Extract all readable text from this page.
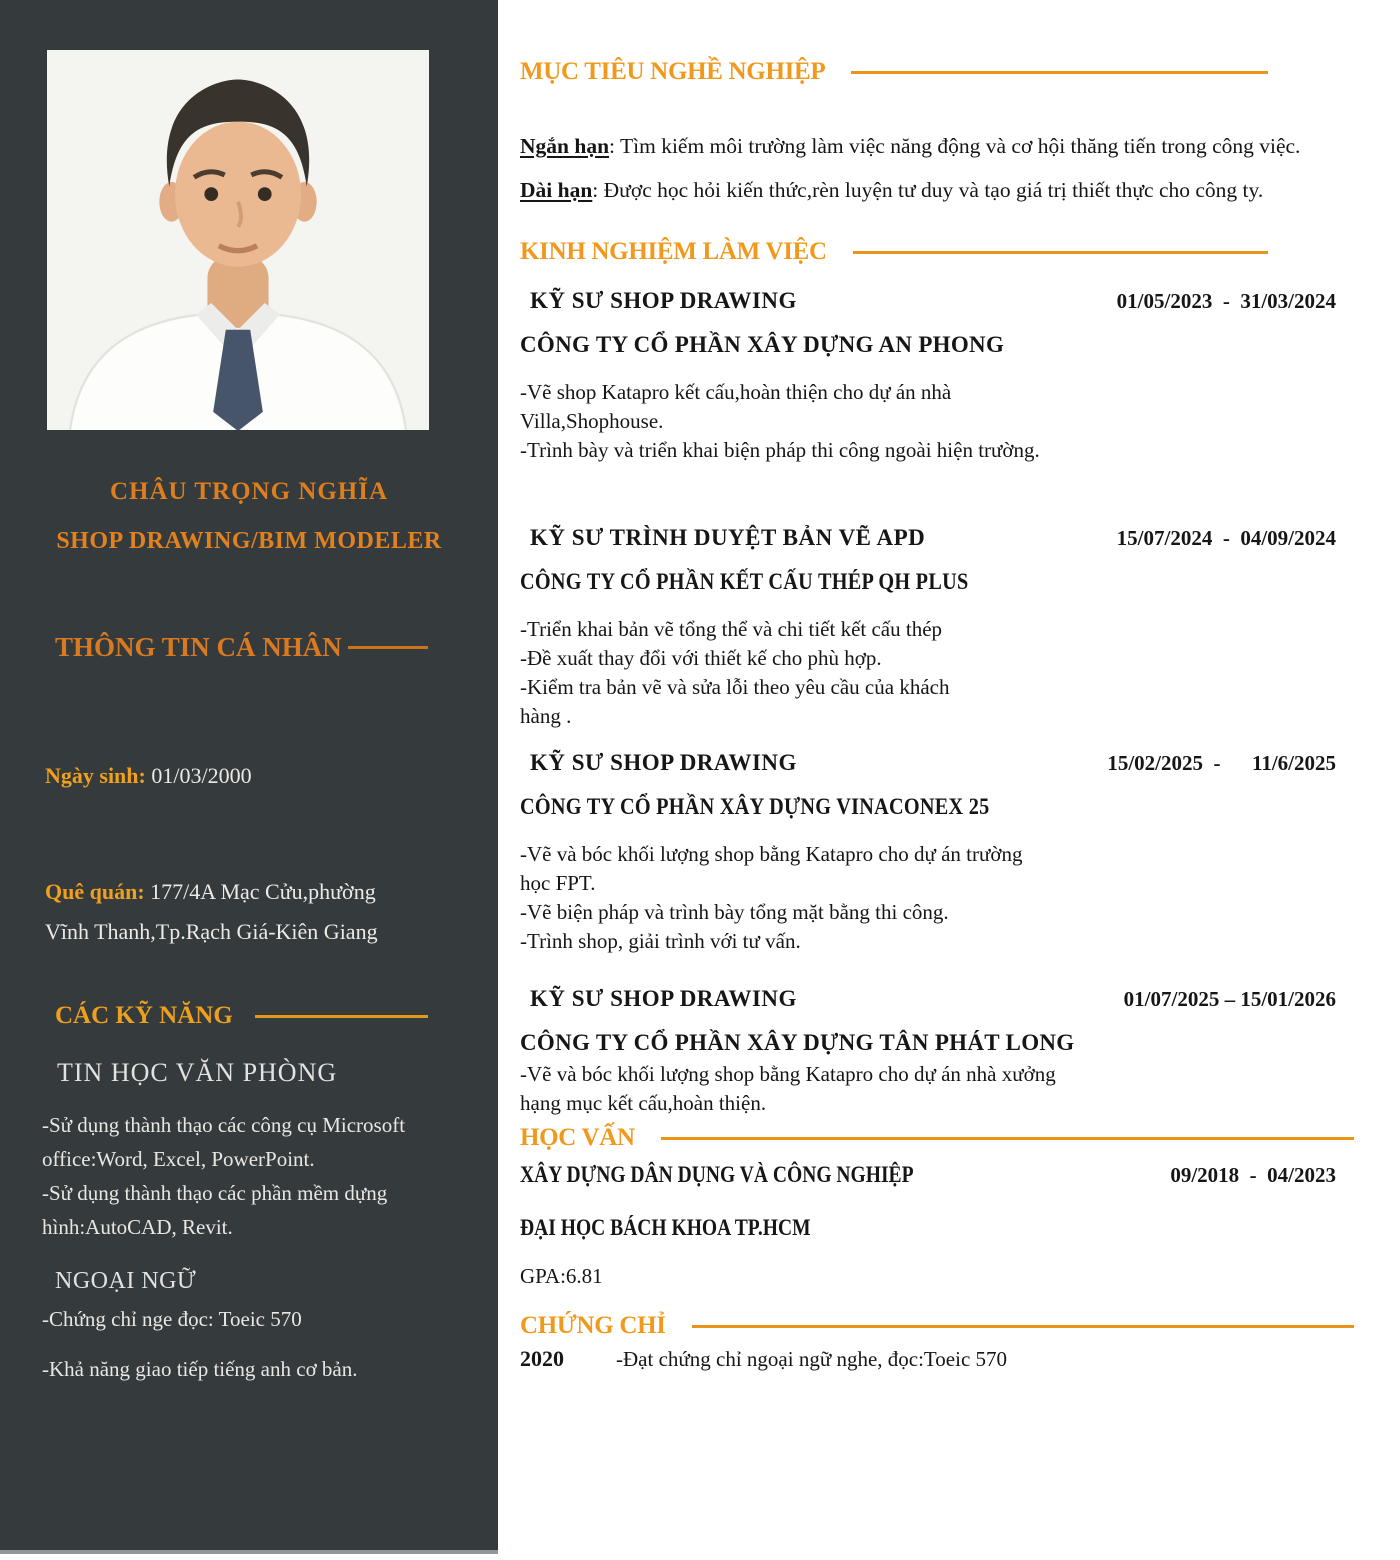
CHÂU TRỌNG NGHĨA
SHOP DRAWING/BIM MODELER
THÔNG TIN CÁ NHÂN
Ngày sinh: 01/03/2000
Quê quán: 177/4A Mạc Cửu,phường Vĩnh Thanh,Tp.Rạch Giá-Kiên Giang
CÁC KỸ NĂNG
TIN HỌC VĂN PHÒNG
-Sử dụng thành thạo các công cụ Microsoft
office:Word, Excel, PowerPoint.
-Sử dụng thành thạo các phần mềm dựng
hình:AutoCAD, Revit.
NGOẠI NGỮ
-Chứng chỉ nge đọc: Toeic 570
-Khả năng giao tiếp tiếng anh cơ bản.
MỤC TIÊU NGHỀ NGHIỆP
Ngắn hạn: Tìm kiếm môi trường làm việc năng động và cơ hội thăng tiến trong công việc.
Dài hạn: Được học hỏi kiến thức,rèn luyện tư duy và tạo giá trị thiết thực cho công ty.
KINH NGHIỆM LÀM VIỆC
KỸ SƯ SHOP DRAWING	01/05/2023 - 31/03/2024
CÔNG TY CỔ PHẦN XÂY DỰNG AN PHONG
-Vẽ shop Katapro kết cấu,hoàn thiện cho dự án nhà
Villa,Shophouse.
-Trình bày và triển khai biện pháp thi công ngoài hiện trường.
KỸ SƯ TRÌNH DUYỆT BẢN VẼ APD	15/07/2024 - 04/09/2024
CÔNG TY CỔ PHẦN KẾT CẤU THÉP QH PLUS
-Triển khai bản vẽ tổng thể và chi tiết kết cấu thép
-Đề xuất thay đổi với thiết kế cho phù hợp.
-Kiểm tra bản vẽ và sửa lỗi theo yêu cầu của khách
hàng .
KỸ SƯ SHOP DRAWING	15/02/2025 -   11/6/2025
CÔNG TY CỔ PHẦN XÂY DỰNG VINACONEX 25
-Vẽ và bóc khối lượng shop bằng Katapro cho dự án trường
học FPT.
-Vẽ biện pháp và trình bày tổng mặt bằng thi công.
-Trình shop, giải trình với tư vấn.
KỸ SƯ SHOP DRAWING	01/07/2025 – 15/01/2026
CÔNG TY CỔ PHẦN XÂY DỰNG TÂN PHÁT LONG
-Vẽ và bóc khối lượng shop bằng Katapro cho dự án nhà xưởng
hạng mục kết cấu,hoàn thiện.
HỌC VẤN
XÂY DỰNG DÂN DỤNG VÀ CÔNG NGHIỆP	09/2018 - 04/2023
ĐẠI HỌC BÁCH KHOA TP.HCM
GPA:6.81
CHỨNG CHỈ
2020 -Đạt chứng chỉ ngoại ngữ nghe, đọc:Toeic 570
